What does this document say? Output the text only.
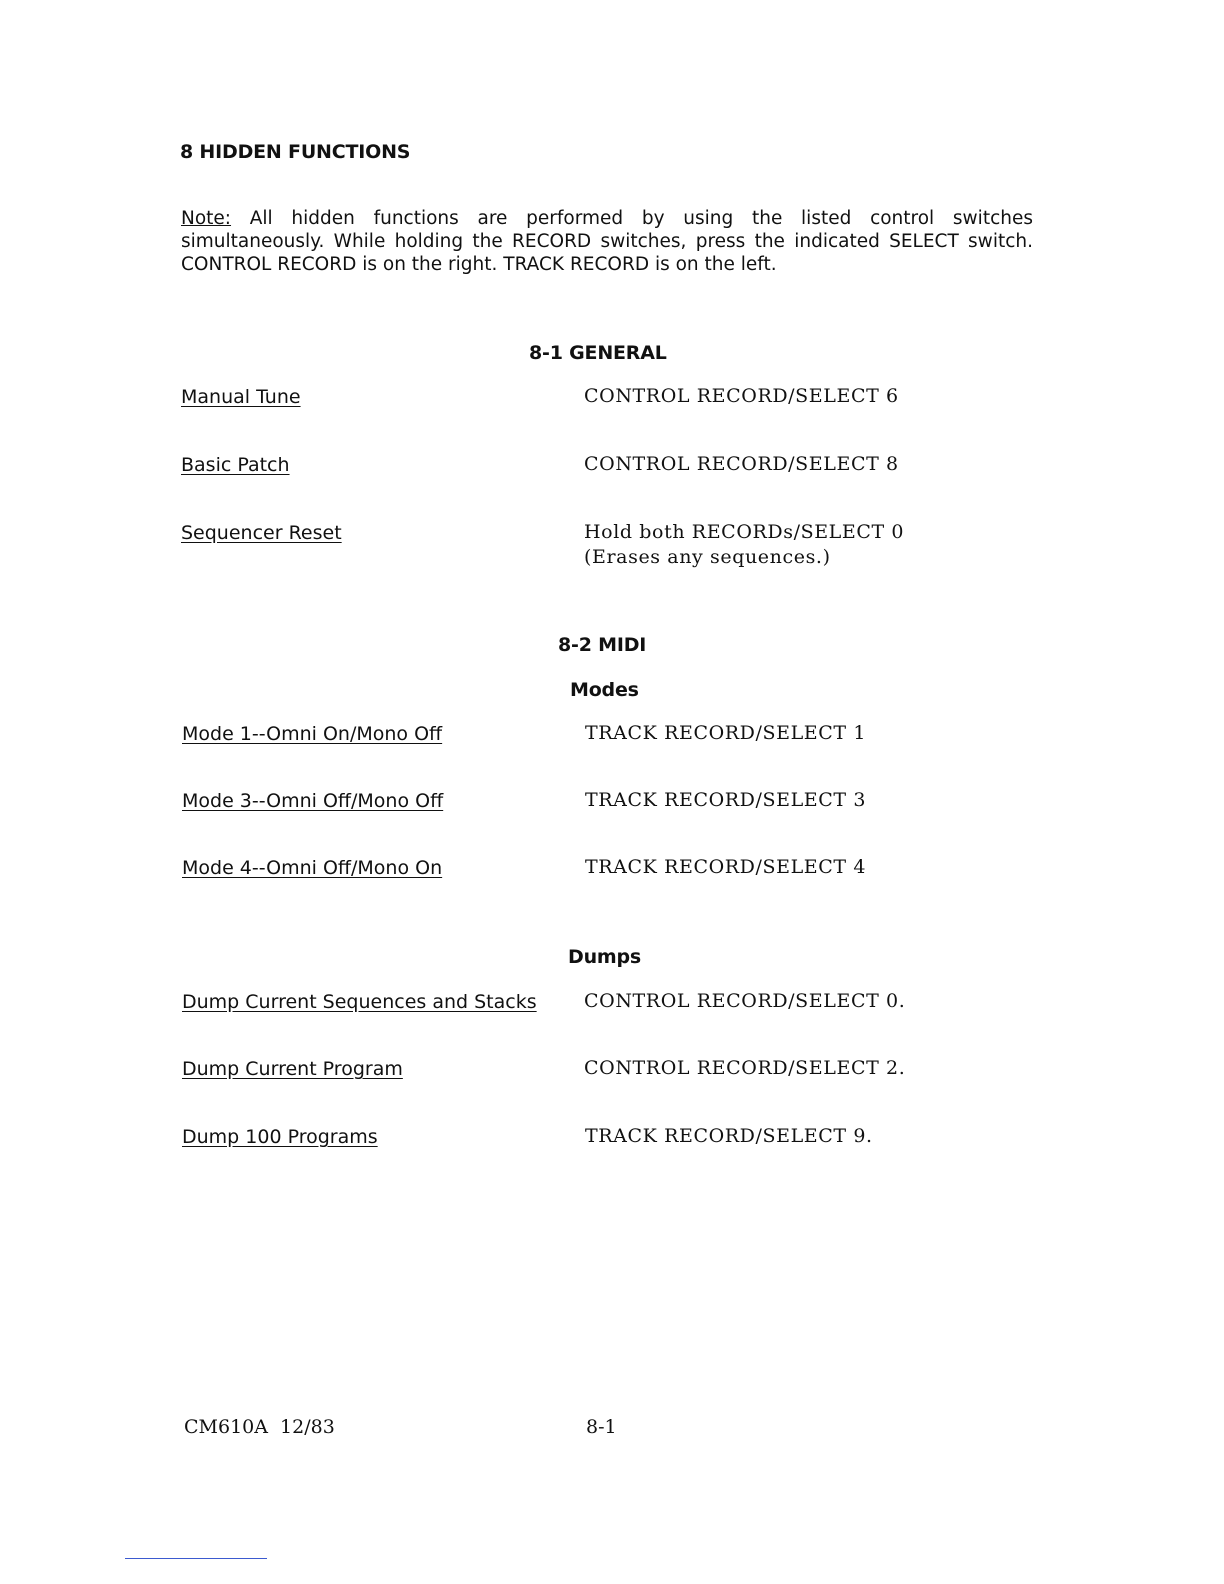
8 HIDDEN FUNCTIONS
Note: All hidden functions are performed by using the listed control switches simultaneously. While holding the RECORD switches, press the indicated SELECT switch. CONTROL RECORD is on the right. TRACK RECORD is on the left.
8-1 GENERAL
Manual Tune	CONTROL RECORD/SELECT 6
Basic Patch	CONTROL RECORD/SELECT 8
Sequencer Reset	Hold both RECORDs/SELECT 0
(Erases any sequences.)
8-2 MIDI
Modes
Mode 1--Omni On/Mono Off	TRACK RECORD/SELECT 1
Mode 3--Omni Off/Mono Off	TRACK RECORD/SELECT 3
Mode 4--Omni Off/Mono On	TRACK RECORD/SELECT 4
Dumps
Dump Current Sequences and Stacks CONTROL RECORD/SELECT 0.
Dump Current Program	CONTROL RECORD/SELECT 2.
Dump 100 Programs	TRACK RECORD/SELECT 9.
CM610A  12/83	8-1
